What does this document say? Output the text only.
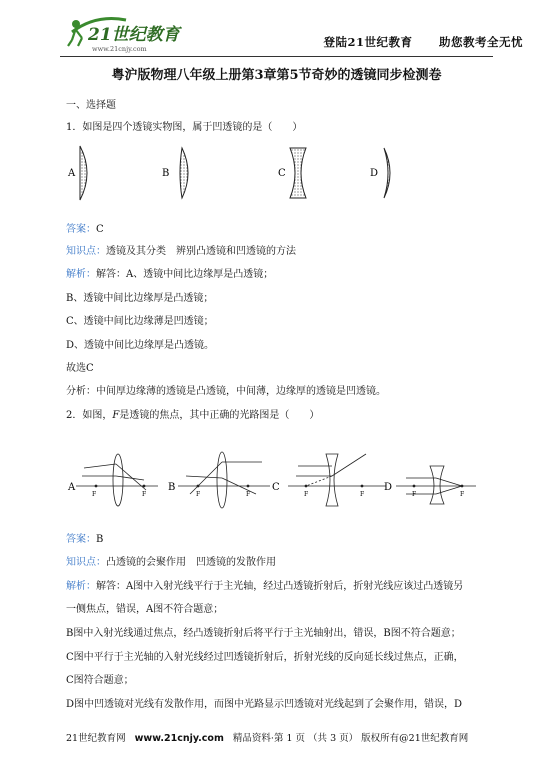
21世纪教育
www.21cnjy.com	登陆21世纪教育 助您教考全无忧
粤沪版物理八年级上册第3章第5节奇妙的透镜同步检测卷
一、选择题
1．如图是四个透镜实物图，属于凹透镜的是（　　）
A	B	C	D
答案：C
知识点：透镜及其分类　辨别凸透镜和凹透镜的方法
解析：解答：A、透镜中间比边缘厚是凸透镜；
B、透镜中间比边缘厚是凸透镜；
C、透镜中间比边缘薄是凹透镜；
D、透镜中间比边缘厚是凸透镜。
故选C
分析：中间厚边缘薄的透镜是凸透镜，中间薄，边缘厚的透镜是凹透镜。
2．如图，F是透镜的焦点，其中正确的光路图是（　　）
F	F	F	F	F	F	F	F
A	B	C	D
答案：B
知识点：凸透镜的会聚作用　凹透镜的发散作用
解析：解答：A图中入射光线平行于主光轴，经过凸透镜折射后，折射光线应该过凸透镜另
一侧焦点，错误，A图不符合题意；
B图中入射光线通过焦点，经凸透镜折射后将平行于主光轴射出，错误，B图不符合题意；
C图中平行于主光轴的入射光线经过凹透镜折射后，折射光线的反向延长线过焦点，正确，
C图符合题意；
D图中凹透镜对光线有发散作用，而图中光路显示凹透镜对光线起到了会聚作用，错误，D
21世纪教育网 www.21cnjy.com 精品资料·第 1 页 （共 3 页） 版权所有@21世纪教育网
